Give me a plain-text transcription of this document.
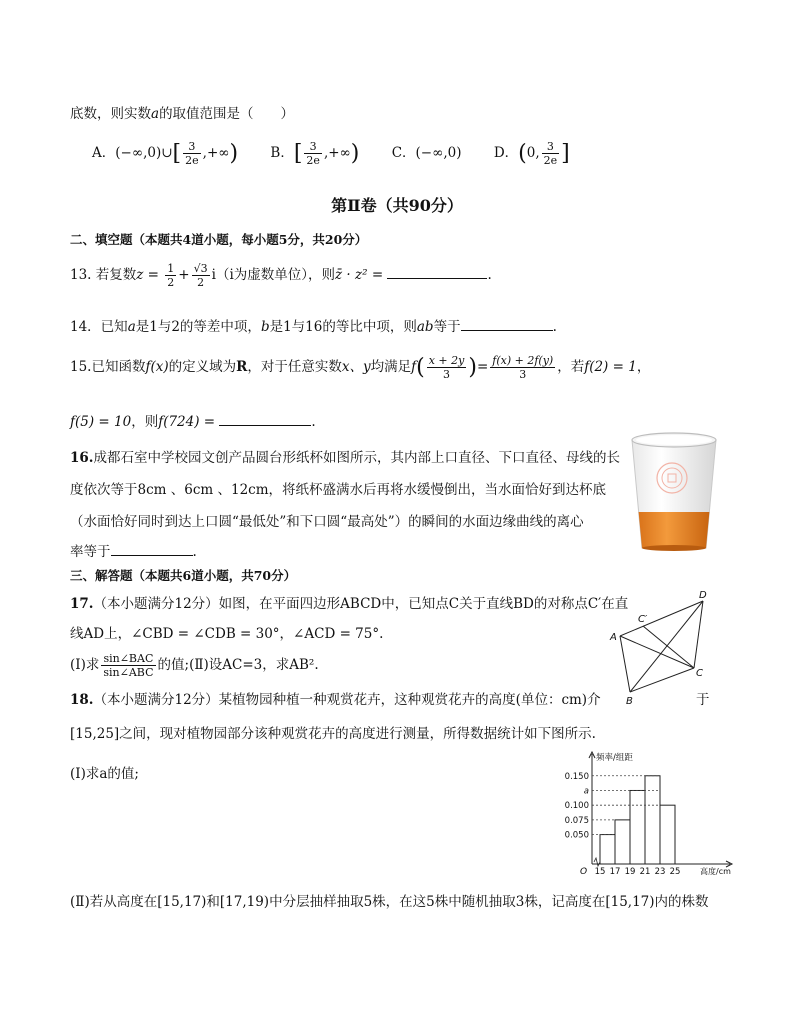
底数，则实数a的取值范围是（　　）
A．(−∞,0)∪[ $\frac{3}{2e}$ ,+∞) B．[ $\frac{3}{2e}$ ,+∞) C．(−∞,0) D．(0, $\frac{3}{2e}$ ]
第Ⅱ卷（共90分）
二、填空题（本题共4道小题，每小题5分，共20分）
13. 若复数$z = \frac{1}{2} + \frac{√3}{2} i(i$为虚数单位），则z̄ · z² =	.
14．已知a是1与2的等差中项，b是1与16的等比中项，则ab等于	.
15.已知函数f(x)的定义域为R，对于任意实数x、y均满足$f( \frac{x + 2y}{3}$ )= $\frac{f(x) + 2f(y)}{3}$ ，若f(2) = 1，
f(5) = 10，则f(724) =	.
16.成都石室中学校园文创产品圆台形纸杯如图所示，其内部上口直径、下口直径、母线的长
度依次等于8cm 、6cm 、12cm，将纸杯盛满水后再将水缓慢倒出，当水面恰好到达杯底
（水面恰好同时到达上口圆“最低处”和下口圆“最高处”）的瞬间的水面边缘曲线的离心
率等于	.
三、解答题（本题共6道小题，共70分）
17.（本小题满分12分）如图，在平面四边形ABCD中，已知点C关于直线BD的对称点C′在直
线AD上，∠CBD = ∠CDB = 30°，∠ACD = 75°.
(Ⅰ)求 $\frac{\text{sin∠BAC}}{\text{sin∠ABC}}$ 的值;(Ⅱ)设AC=3，求AB².
D
C′
A
C
B
18.（本小题满分12分）某植物园种植一种观赏花卉，这种观赏花卉的高度(单位：cm)介	于
[15,25]之间，现对植物园部分该种观赏花卉的高度进行测量，所得数据统计如下图所示.
(Ⅰ)求a的值;
频率/组距
高度/cm
O
0.150
a
0.100
0.075
0.050
15 17 19 21 23 25
(Ⅱ)若从高度在[15,17)和[17,19)中分层抽样抽取5株，在这5株中随机抽取3株，记高度在[15,17)内的株数
